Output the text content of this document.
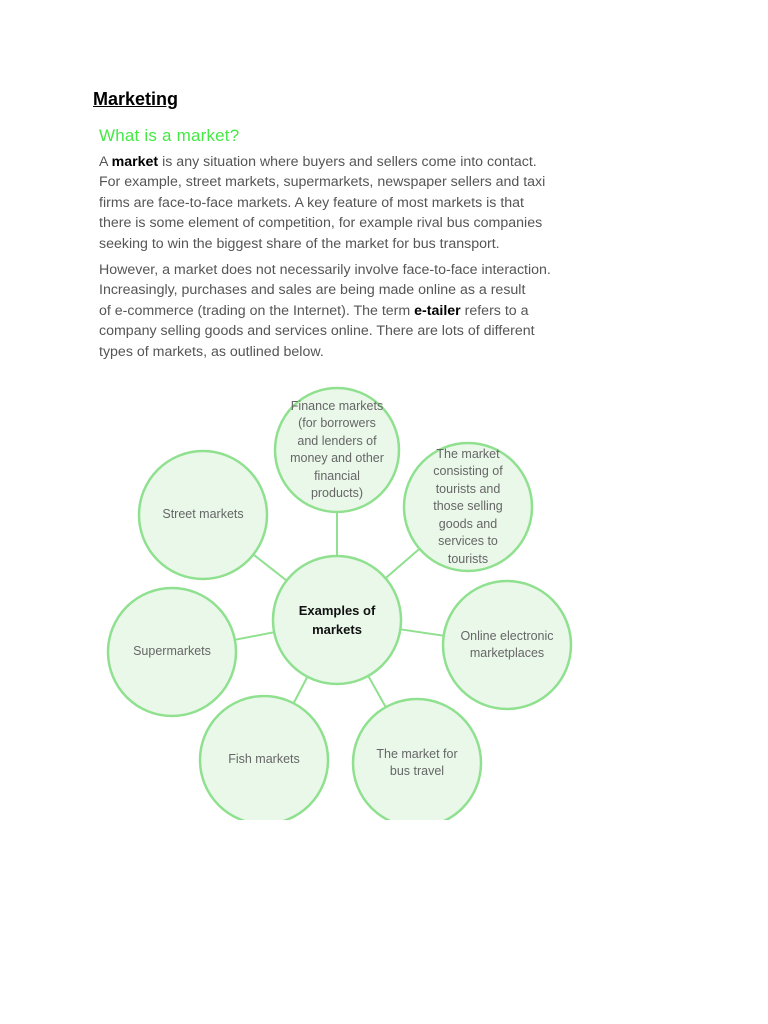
Marketing
What is a market?

A market is any situation where buyers and sellers come into contact.
For example, street markets, supermarkets, newspaper sellers and taxi
firms are face-to-face markets. A key feature of most markets is that
there is some element of competition, for example rival bus companies
seeking to win the biggest share of the market for bus transport.

However, a market does not necessarily involve face-to-face interaction.
Increasingly, purchases and sales are being made online as a result
of e-commerce (trading on the Internet). The term e-tailer refers to a
company selling goods and services online. There are lots of different
types of markets, as outlined below.

Examples of markets
Finance markets (for borrowers and lenders of money and other financial products)
The market consisting of tourists and those selling goods and services to tourists
Online electronic marketplaces
The market for bus travel
Fish markets
Supermarkets
Street markets
